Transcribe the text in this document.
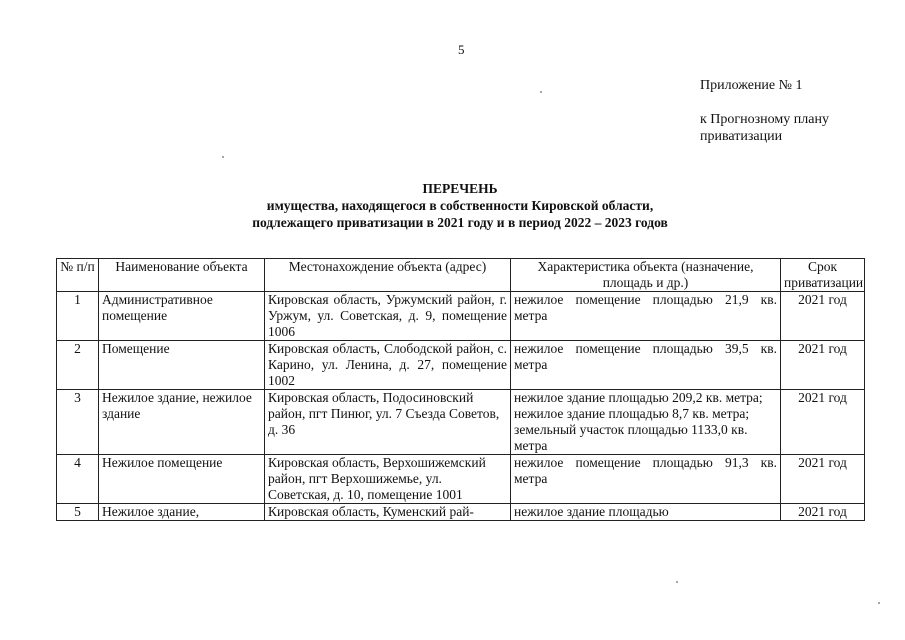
5
Приложение № 1
к Прогнозному плану приватизации
ПЕРЕЧЕНЬ
имущества, находящегося в собственности Кировской области,
подлежащего приватизации в 2021 году и в период 2022 – 2023 годов
№ п/п	Наименование объекта	Местонахождение объекта (адрес)	Характеристика объекта (назначение, площадь и др.)	Срок приватизации
1	Административное помещение	Кировская область, Уржумский район, г. Уржум, ул. Советская, д. 9, помещение 1006	нежилое помещение площадью 21,9 кв. метра	2021 год
2	Помещение	Кировская область, Слободской район, с. Карино, ул. Ленина, д. 27, помещение 1002	нежилое помещение площадью 39,5 кв. метра	2021 год
3	Нежилое здание, нежилое здание	Кировская область, Подосиновский район, пгт Пинюг, ул. 7 Съезда Советов, д. 36	нежилое здание площадью 209,2 кв. метра; нежилое здание площадью 8,7 кв. метра; земельный участок площадью 1133,0 кв. метра	2021 год
4	Нежилое помещение	Кировская область, Верхошижемский район, пгт Верхошижемье, ул. Советская, д. 10, помещение 1001	нежилое помещение площадью 91,3 кв. метра	2021 год
5	Нежилое здание,	Кировская область, Куменский рай-	нежилое здание площадью	2021 год
